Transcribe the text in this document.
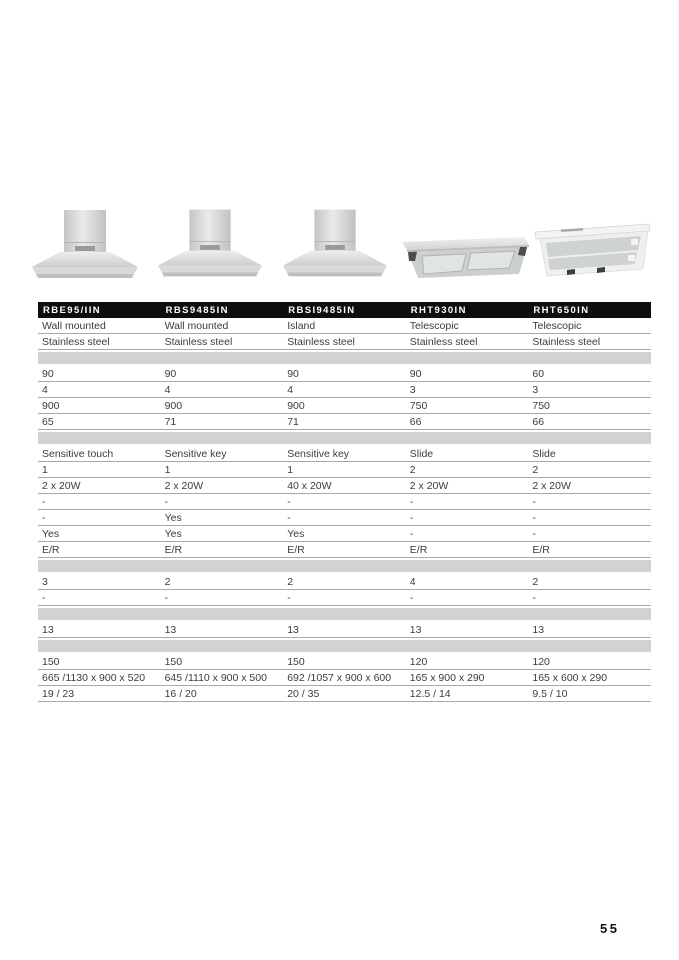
RBE95/IIN	RBS9485IN	RBSI9485IN	RHT930IN	RHT650IN
Wall mounted	Wall mounted	Island	Telescopic	Telescopic
Stainless steel	Stainless steel	Stainless steel	Stainless steel	Stainless steel
90	90	90	90	60
4	4	4	3	3
900	900	900	750	750
65	71	71	66	66
Sensitive touch	Sensitive key	Sensitive key	Slide	Slide
1	1	1	2	2
2 x 20W	2 x 20W	40 x 20W	2 x 20W	2 x 20W
-	-	-	-	-
-	Yes	-	-	-
Yes	Yes	Yes	-	-
E/R	E/R	E/R	E/R	E/R
3	2	2	4	2
-	-	-	-	-
13	13	13	13	13
150	150	150	120	120
665 /1130 x 900 x 520	645 /1110 x 900 x 500	692 /1057 x 900 x 600	165 x 900 x 290	165 x 600 x 290
19 / 23	16 / 20	20 / 35	12.5 / 14	9.5 / 10
55
